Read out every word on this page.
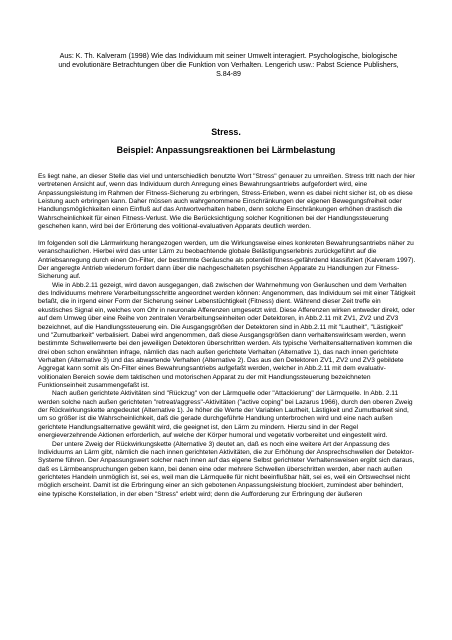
Aus: K. Th. Kalveram (1998) Wie das Individuum mit seiner Umwelt interagiert. Psychologische, biologische und evolutionäre Betrachtungen über die Funktion von Verhalten. Lengerich usw.: Pabst Science Publishers, S.84-89
Stress.
Beispiel: Anpassungsreaktionen bei Lärmbelastung

Es liegt nahe, an dieser Stelle das viel und unterschiedlich benutzte Wort "Stress" genauer zu umreißen. Stress tritt nach der hier vertretenen Ansicht auf, wenn das Individuum durch Anregung eines Bewahrungsantriebs aufgefordert wird, eine Anpassungsleistung im Rahmen der Fitness-Sicherung zu erbringen, Stress-Erleben, wenn es dabei nicht sicher ist, ob es diese Leistung auch erbringen kann. Daher müssen auch wahrgenommene Einschränkungen der eigenen Bewegungsfreiheit oder Handlungsmöglichkeiten einen Einfluß auf das Antwortverhalten haben, denn solche Einschränkungen erhöhen drastisch die Wahrscheinlichkeit für einen Fitness-Verlust. Wie die Berücksichtigung solcher Kognitionen bei der Handlungssteuerung geschehen kann, wird bei der Erörterung des volitional-evaluativen Apparats deutlich werden.

Im folgenden soll die Lärmwirkung herangezogen werden, um die Wirkungsweise eines konkreten Bewahrungsantriebs näher zu veranschaulichen. Hierbei wird das unter Lärm zu beobachtende globale Belästigungserlebnis zurückgeführt auf die Antriebsanregung durch einen On-Filter, der bestimmte Geräusche als potentiell fitness-gefährdend klassifiziert (Kalveram 1997). Der angeregte Antrieb wiederum fordert dann über die nachgeschalteten psychischen Apparate zu Handlungen zur Fitness-Sicherung auf.

Wie in Abb.2.11 gezeigt, wird davon ausgegangen, daß zwischen der Wahrnehmung von Geräuschen und dem Verhalten des Individuums mehrere Verarbeitungsschritte angeordnet werden können: Angenommen, das Individuum sei mit einer Tätigkeit befaßt, die in irgend einer Form der Sicherung seiner Lebenstüchtigkeit (Fitness) dient. Während dieser Zeit treffe ein ekustisches Signal ein, welches vom Ohr in neuronale Afferenzen umgesetzt wird. Diese Afferenzen wirken entweder direkt, oder auf dem Umweg über eine Reihe von zentralen Verarbeitungseinheiten oder Detektoren, in Abb.2.11 mit ZV1, ZV2 und ZV3 bezeichnet, auf die Handlungssteuerung ein. Die Ausgangsgrößen der Detektoren sind in Abb.2.11 mit "Lautheit", "Lästigkeit" und "Zumutbarkeit" verbalisiert. Dabei wird angenommen, daß diese Ausgangsgrößen dann verhaltenswirksam werden, wenn bestimmte Schwellenwerte bei den jeweiligen Detektoren überschritten werden. Als typische Verhaltensalternativen kommen die drei oben schon erwähnten infrage, nämlich das nach außen gerichtete Verhalten (Alternative 1), das nach innen gerichtete Verhalten (Alternative 3) und das abwartende Verhalten (Alternative 2). Das aus den Detektoren ZV1, ZV2 und ZV3 gebildete Aggregat kann somit als On-Filter eines Bewahrungsantriebs aufgefaßt werden, welcher in Abb.2.11 mit dem evaluativ-volitionalen Bereich sowie dem taktischen und motorischen Apparat zu der mit Handlungssteuerung bezeichneten Funktionseinheit zusammengefaßt ist.

Nach außen gerichtete Aktivitäten sind "Rückzug" von der Lärmquelle oder "Attackierung" der Lärmquelle. In Abb. 2.11 werden solche nach außen gerichteten "retreat/aggress"-Aktivitäten ("active coping" bei Lazarus 1966), durch den oberen Zweig der Rückwirkungskette angedeutet (Alternative 1). Je höher die Werte der Variablen Lautheit, Lästigkeit und Zumutbarkeit sind, um so größer ist die Wahrscheinlichkeit, daß die gerade durchgeführte Handlung unterbrochen wird und eine nach außen gerichtete Handlungsalternative gewählt wird, die geeignet ist, den Lärm zu mindern. Hierzu sind in der Regel energieverzehrende Aktionen erforderlich, auf welche der Körper humoral und vegetativ vorbereitet und eingestellt wird.

Der untere Zweig der Rückwirkungskette (Alternative 3) deutet an, daß es noch eine weitere Art der Anpassung des Individuums an Lärm gibt, nämlich die nach innen gerichteten Aktivitäten, die zur Erhöhung der Ansprechschwellen der Detektor-Systeme führen. Der Anpassungswert solcher nach innen auf das eigene Selbst gerichteter Verhaltensweisen ergibt sich daraus, daß es Lärmbeanspruchungen geben kann, bei denen eine oder mehrere Schwellen überschritten werden, aber nach außen gerichtetes Handeln unmöglich ist, sei es, weil man die Lärmquelle für nicht beeinflußbar hält, sei es, weil ein Ortswechsel nicht möglich erscheint. Damit ist die Erbringung einer an sich gebotenen Anpassungsleistung blockiert, zumindest aber behindert, eine typische Konstellation, in der eben "Stress" erlebt wird; denn die Aufforderung zur Erbringung der äußeren
